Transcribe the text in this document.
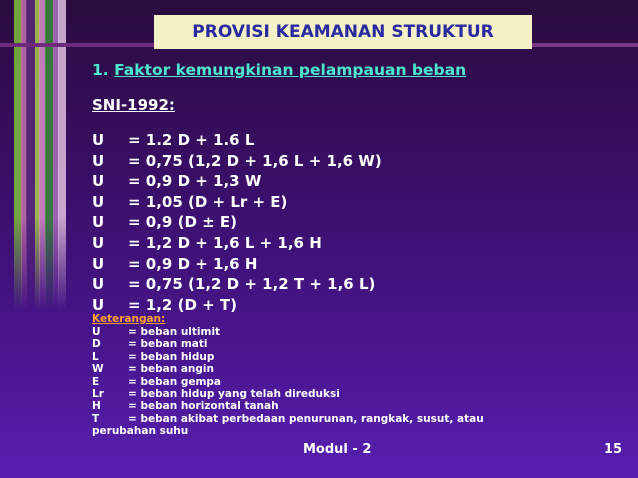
PROVISI KEAMANAN STRUKTUR
1. Faktor kemungkinan pelampauan beban
SNI-1992:
U	= 1.2 D + 1.6 L
U	= 0,75 (1,2 D + 1,6 L + 1,6 W)
U	= 0,9 D + 1,3 W
U	= 1,05 (D + Lr + E)
U	= 0,9 (D ± E)
U	= 1,2 D + 1,6 L + 1,6 H
U	= 0,9 D + 1,6 H
U	= 0,75 (1,2 D + 1,2 T + 1,6 L)
U	= 1,2 (D + T)
Keterangan:
U	= beban ultimit
D	= beban mati
L	= beban hidup
W	= beban angin
E	= beban gempa
Lr	= beban hidup yang telah direduksi
H	= beban horizontal tanah
T	= beban akibat perbedaan penurunan, rangkak, susut, atau
perubahan suhu
Modul - 2	15
